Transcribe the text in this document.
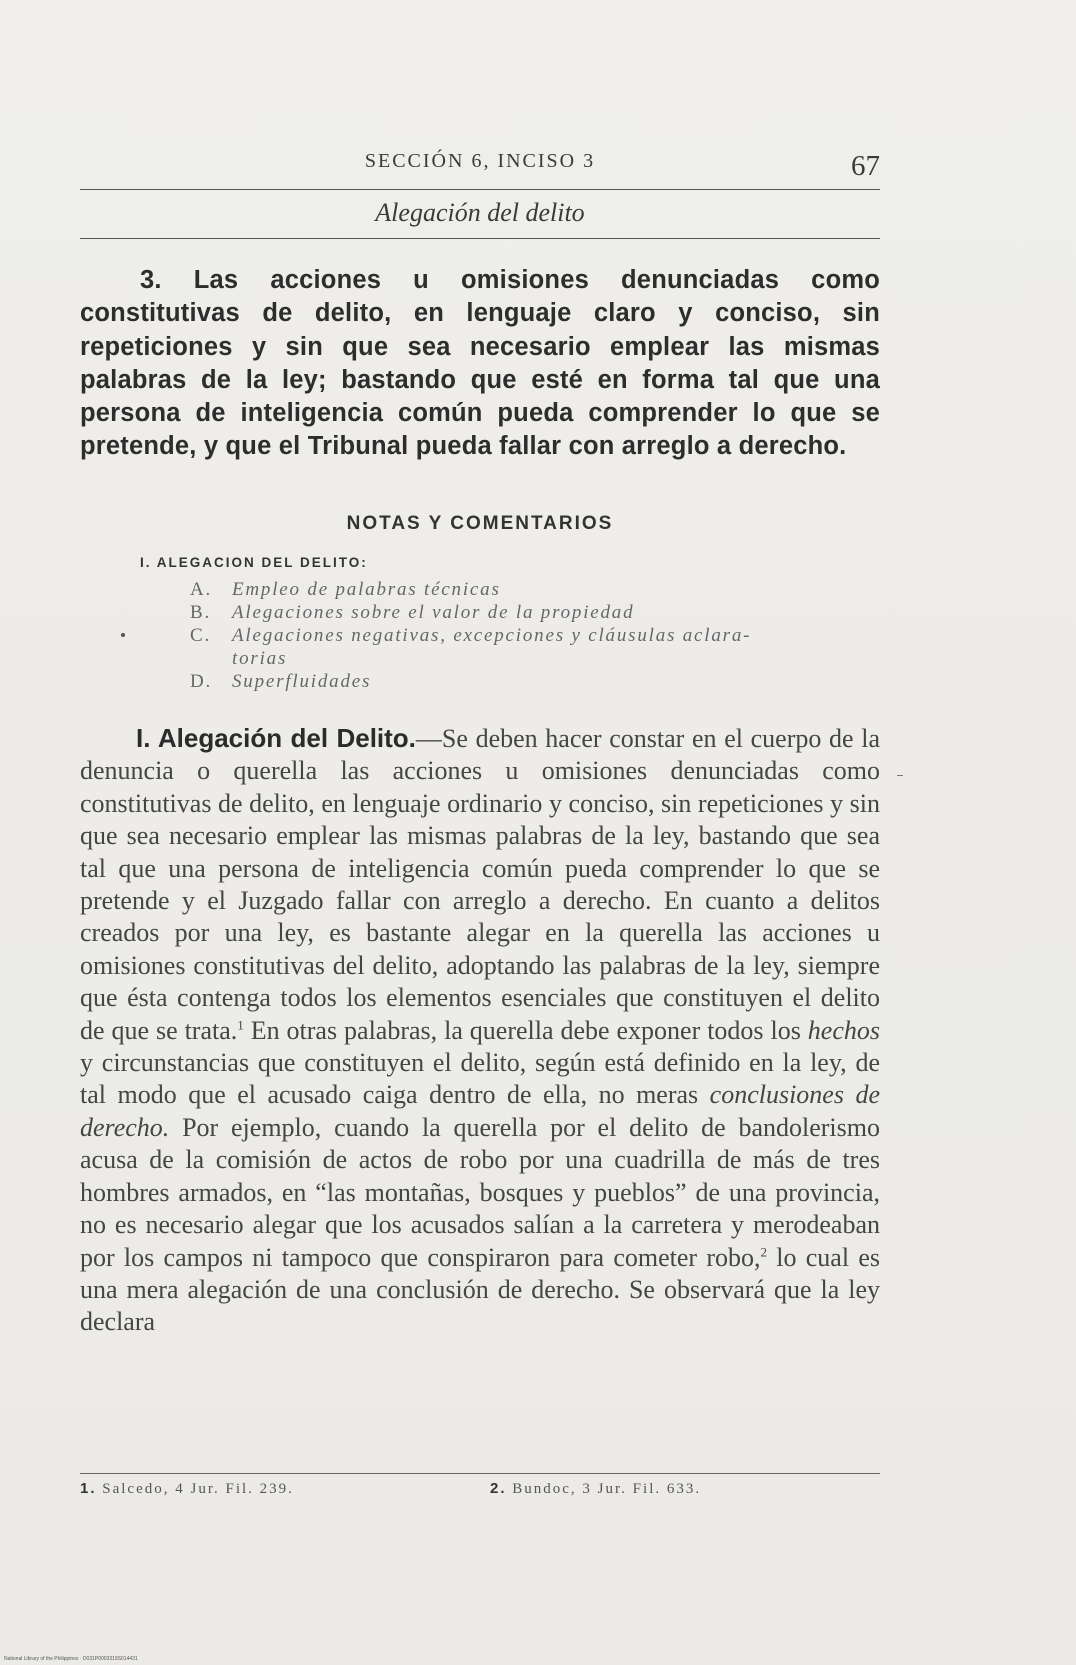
SECCIÓN 6, INCISO 3	67
Alegación del delito
3. Las acciones u omisiones denunciadas como constitutivas de delito, en lenguaje claro y conciso, sin repeticiones y sin que sea necesario emplear las mismas palabras de la ley; bastando que esté en forma tal que una persona de inteligencia común pueda comprender lo que se pretende, y que el Tribunal pueda fallar con arreglo a derecho.
NOTAS Y COMENTARIOS
I. ALEGACION DEL DELITO:
A.	Empleo de palabras técnicas
B.	Alegaciones sobre el valor de la propiedad
C.	Alegaciones negativas, excepciones y cláusulas aclara-
torias
D.	Superfluidades
I. Alegación del Delito.—Se deben hacer constar en el cuerpo de la denuncia o querella las acciones u omisiones denunciadas como constitutivas de delito, en lenguaje ordinario y conciso, sin repeticiones y sin que sea necesario emplear las mismas palabras de la ley, bastando que sea tal que una persona de inteligencia común pueda comprender lo que se pretende y el Juzgado fallar con arreglo a derecho. En cuanto a delitos creados por una ley, es bastante alegar en la querella las acciones u omisiones constitutivas del delito, adoptando las palabras de la ley, siempre que ésta contenga todos los elementos esenciales que constituyen el delito de que se trata.$^1$ En otras palabras, la querella debe exponer todos los hechos y circunstancias que constituyen el delito, según está definido en la ley, de tal modo que el acusado caiga dentro de ella, no meras conclusiones de derecho. Por ejemplo, cuando la querella por el delito de bandolerismo acusa de la comisión de actos de robo por una cuadrilla de más de tres hombres armados, en “las montañas, bosques y pueblos” de una provincia, no es necesario alegar que los acusados salían a la carretera y merodeaban por los campos ni tampoco que conspiraron para cometer robo,$^2$ lo cual es una mera alegación de una conclusión de derecho. Se observará que la ley declara
1. Salcedo, 4 Jur. Fil. 239.	2. Bundoc, 3 Jur. Fil. 633.
National Library of the Philippines · D031P0003319S014431
